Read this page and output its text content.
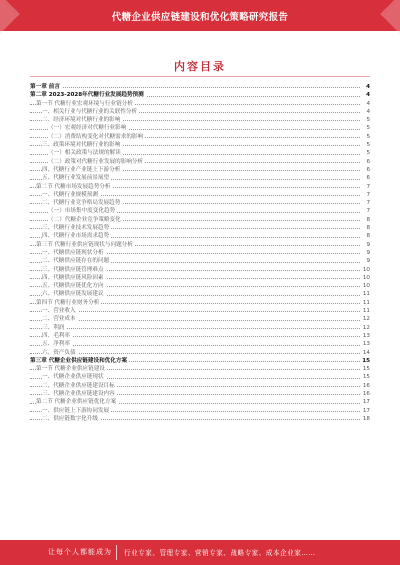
代糖企业供应链建设和优化策略研究报告
内容目录
第一章 前言	4
第二章 2023-2028年代糖行业发展趋势预测	4
第一节 代糖行业宏观环境与行业链分析	4
一、相关行业与代糖行业的关联性分析	4
二、经济环境对代糖行业的影响	5
（一）宏观经济对代糖行业影响	5
（二）消费结构变化对代糖需求的影响	5
三、政策环境对代糖行业的影响	5
（一）相关政策与法规的解读	5
（二）政策对代糖行业发展的影响分析	6
四、代糖行业产业链上下游分析	6
五、代糖行业发展前景展望	6
第二节 代糖市场发展趋势分析	7
一、代糖行业规模预测	7
二、代糖行业竞争格局发展趋势	7
（一）市场集中度变化趋势	7
（二）代糖企业竞争策略变化	8
三、代糖行业技术发展趋势	8
四、代糖行业市场需求趋势	8
第三节 代糖行业供应链现状与问题分析	9
一、代糖供应链现状分析	9
二、代糖供应链存在的问题	9
三、代糖供应链管理难点	10
四、代糖供应链风险因素	10
五、代糖供应链优化方向	10
六、代糖供应链发展建议	11
第四节 代糖行业财务分析	11
一、营业收入	11
二、营业成本	12
三、利润	12
四、毛利率	13
五、净利率	13
六、资产负债	14
第三章 代糖企业供应链建设和优化方案	15
第一节 代糖企业供应链建设	15
一、代糖企业供应链现状	15
二、代糖企业供应链建设目标	16
三、代糖企业供应链建设内容	16
第二节 代糖企业供应链优化方案	17
一、供应链上下游协同发展	17
二、供应链数字化升级	18
让每个人都能成为 行业专家、管理专家、营销专家、战略专家、成本企业家……
